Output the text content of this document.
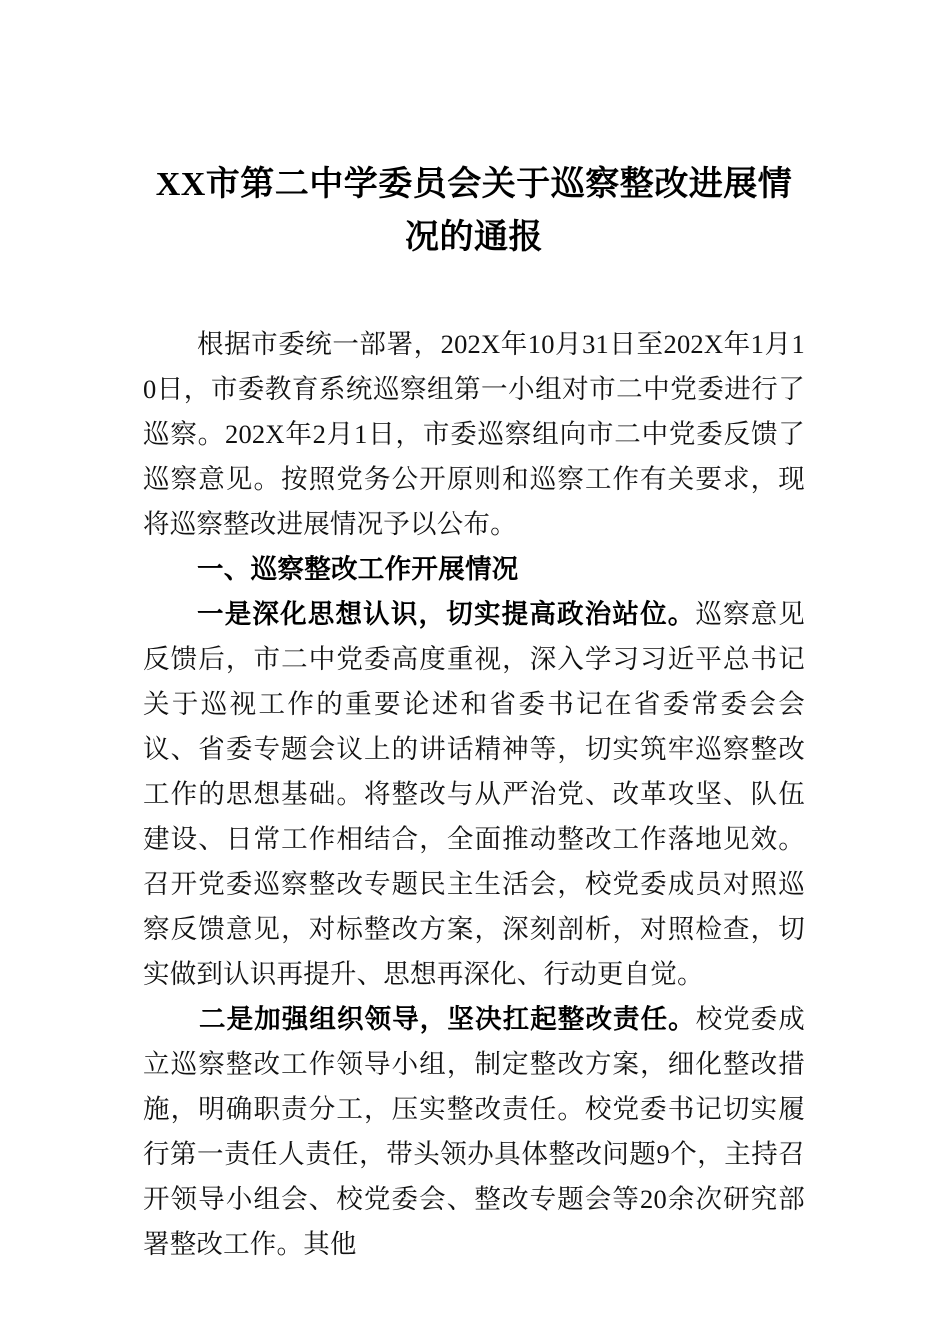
XX市第二中学委员会关于巡察整改进展情
况的通报

根据市委统一部署，202X年10月31日至202X年1月10日，市委教育系统巡察组第一小组对市二中党委进行了巡察。202X年2月1日，市委巡察组向市二中党委反馈了巡察意见。按照党务公开原则和巡察工作有关要求，现将巡察整改进展情况予以公布。

一、巡察整改工作开展情况

一是深化思想认识，切实提高政治站位。巡察意见反馈后，市二中党委高度重视，深入学习习近平总书记关于巡视工作的重要论述和省委书记在省委常委会会议、省委专题会议上的讲话精神等，切实筑牢巡察整改工作的思想基础。将整改与从严治党、改革攻坚、队伍建设、日常工作相结合，全面推动整改工作落地见效。召开党委巡察整改专题民主生活会，校党委成员对照巡察反馈意见，对标整改方案，深刻剖析，对照检查，切实做到认识再提升、思想再深化、行动更自觉。

二是加强组织领导，坚决扛起整改责任。校党委成立巡察整改工作领导小组，制定整改方案，细化整改措施，明确职责分工，压实整改责任。校党委书记切实履行第一责任人责任，带头领办具体整改问题9个，主持召开领导小组会、校党委会、整改专题会等20余次研究部署整改工作。其他
